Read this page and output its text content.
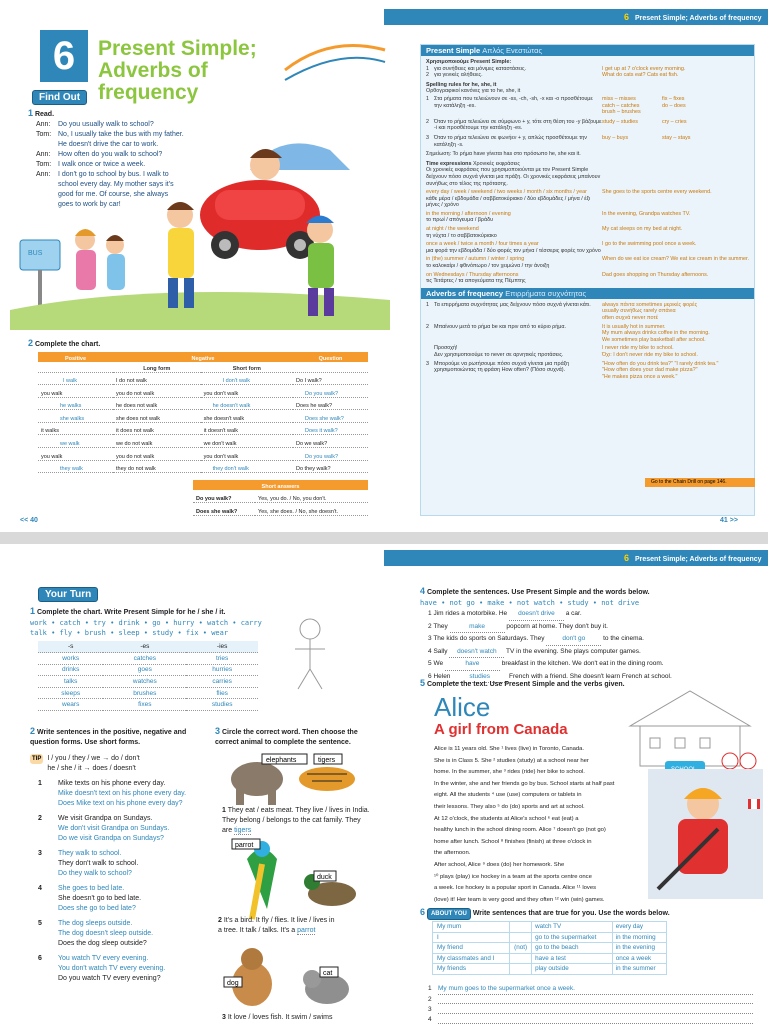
6 Present Simple; Adverbs of frequency
6	Present Simple;
Adverbs of frequency
Find Out
1 Read.
Ann:	Do you usually walk to school?
Tom: No, I usually take the bus with my father. He doesn't drive the car to work.
Ann:	How often do you walk to school?
Tom: I walk once or twice a week.
Ann:	I don't go to school by bus. I walk to school every day. My mother says it's good for me. Of course, she always goes to work by car!
BUS
2 Complete the chart.
Positive	Negative		Question
	Long form	Short form	
I walk	I do not walk	I don't walk	Do I walk?
you walk	you do not walk	you don't walk	Do you walk?
he walks	he does not walk	he doesn't walk	Does he walk?
she walks	she does not walk	she doesn't walk	Does she walk?
it walks	it does not walk	it doesn't walk	Does it walk?
we walk	we do not walk	we don't walk	Do we walk?
you walk	you do not walk	you don't walk	Do you walk?
they walk	they do not walk	they don't walk	Do they walk?
Short answers	
Do you walk?	Yes, you do. / No, you don't.
Does she walk?	Yes, she does. / No, she doesn't.
<< 40
Present Simple Απλός Ενεστώτας
Χρησιμοποιούμε Present Simple:
1 για συνήθειες και μόνιμες καταστάσεις.	I get up at 7 o'clock every morning.
2 για γενικές αλήθειες.	What do cats eat? Cats eat fish.
Spelling rules for he, she, it
Ορθογραφικοί κανόνες για το he, she, it
1 Στα ρήματα που τελειώνουν σε -ss, -ch, -sh, -x και -o προσθέτουμε την κατάληξη -es.
miss – misses
catch – catches
brush – brushes
fix – fixes
do – does
2 Όταν το ρήμα τελειώνει σε σύμφωνο + y, τότε στη θέση του -y βάζουμε -i και προσθέτουμε την κατάληξη -es.
study – studies	cry – cries
3 Όταν το ρήμα τελειώνει σε φωνήεν + y, απλώς προσθέτουμε την κατάληξη -s.
buy – buys	stay – stays
Σημείωση: Το ρήμα have γίνεται has στο πρόσωπο he, she και it.
Time expressions Χρονικές εκφράσεις
Οι χρονικές εκφράσεις που χρησιμοποιούνται με τον Present Simple δείχνουν πόσο συχνά γίνεται μια πράξη. Οι χρονικές εκφράσεις μπαίνουν συνήθως στο τέλος της πρότασης.
every day / week / weekend / two weeks / month / six months / year
κάθε μέρα / εβδομάδα / σαββατοκύριακο / δύο εβδομάδες / μήνα / έξι μήνες / χρόνο
She goes to the sports centre every weekend.
in the morning / afternoon / evening
το πρωί / απόγευμα / βράδυ
In the evening, Grandpa watches TV.
at night / the weekend
τη νύχτα / το σαββατοκύριακο
My cat sleeps on my bed at night.
once a week / twice a month / four times a year
μια φορά την εβδομάδα / δύο φορές τον μήνα / τέσσερις φορές τον χρόνο
I go to the swimming pool once a week.
in (the) summer / autumn / winter / spring
το καλοκαίρι / φθινόπωρο / τον χειμώνα / την άνοιξη
When do we eat ice cream? We eat ice cream in the summer.
on Wednesdays / Thursday afternoons
τις Τετάρτες / τα απογεύματα της Πέμπτης
Dad goes shopping on Thursday afternoons.
Adverbs of frequency Επιρρήματα συχνότητας
1 Τα επιρρήματα συχνότητας μας δείχνουν πόσο συχνά γίνεται κάτι.	always πάντα sometimes μερικές φορές
usually συνήθως rarely σπάνια
often συχνά never ποτέ
2 Μπαίνουν μετά το ρήμα be και πριν από το κύριο ρήμα.	It is usually hot in summer.
My mum always drinks coffee in the morning.
We sometimes play basketball after school.
Προσοχή!
Δεν χρησιμοποιούμε το never σε αρνητικές προτάσεις.
I never ride my bike to school.
Όχι: I don't never ride my bike to school.
3 Μπορούμε να ρωτήσουμε πόσο συχνά γίνεται μια πράξη χρησιμοποιώντας τη φράση How often? (Πόσο συχνά).
"How often do you drink tea?" "I rarely drink tea."
"How often does your dad make pizza?"
"He makes pizza once a week."
Go to the Chain Drill on page 146.
41 >>
6 Present Simple; Adverbs of frequency
Your Turn
1 Complete the chart. Write Present Simple for he / she / it.
work • catch • try • drink • go • hurry • watch • carry
talk • fly • brush • sleep • study • fix • wear
-s	-es	-ies
works	catches	tries
drinks	goes	hurries
talks	watches	carries
sleeps	brushes	flies
wears	fixes	studies
2 Write sentences in the positive, negative and question forms. Use short forms.
TIP I / you / they / we → do / don't
he / she / it → does / doesn't
1	Mike texts on his phone every day.
Mike doesn't text on his phone every day.
Does Mike text on his phone every day?
2	We visit Grandpa on Sundays.
We don't visit Grandpa on Sundays.
Do we visit Grandpa on Sundays?
3	They walk to school.
They don't walk to school.
Do they walk to school?
4	She goes to bed late.
She doesn't go to bed late.
Does she go to bed late?
5	The dog sleeps outside.
The dog doesn't sleep outside.
Does the dog sleep outside?
6	You watch TV every evening.
You don't watch TV every evening.
Do you watch TV every evening?
3 Circle the correct word. Then choose the correct animal to complete the sentence.
elephants	tigers
parrot
duck
dog
cat
1 They eat / eats meat. They live / lives in India. They belong / belongs to the cat family. They are tigers
2 It's a bird. It fly / flies. It live / lives in a tree. It talk / talks. It's a parrot
3 It love / loves fish. It swim / swims
4 Complete the sentences. Use Present Simple and the words below.
have • not go • make • not watch • study • not drive
1 Jim rides a motorbike. He doesn't drive a car.
2 They	make	popcorn at home. They don't buy it.
3 The kids do sports on Saturdays. They	don't go	to the cinema.
4 Sally doesn't watch TV in the evening. She plays computer games.
5 We	have	breakfast in the kitchen. We don't eat in the dining room.
6 Helen	studies	French with a friend. She doesn't learn French at school.
5 Complete the text. Use Present Simple and the verbs given.
Alice
A girl from Canada
Alice is 11 years old. She ¹ lives (live) in Toronto, Canada.
She is in Class 5. She ² studies (study) at a school near her
home. In the summer, she ³ rides (ride) her bike to school.
In the winter, she and her friends go by bus. School starts at half past
eight. All the students ⁴ use (use) computers or tablets in
their lessons. They also ⁵ do (do) sports and art at school.
At 12 o'clock, the students at Alice's school ⁶ eat (eat) a
healthy lunch in the school dining room. Alice ⁷ doesn't go (not go)
home after lunch. School ⁸ finishes (finish) at three o'clock in
the afternoon.
After school, Alice ⁹ does (do) her homework. She
¹⁰ plays (play) ice hockey in a team at the sports centre once
a week. Ice hockey is a popular sport in Canada. Alice ¹¹ loves
(love) it! Her team is very good and they often ¹² win (win) games.
6 ABOUT YOU Write sentences that are true for you. Use the words below.
My mum		watch TV	every day
I		go to the supermarket	in the morning
My friend	(not)	go to the beach	in the evening
My classmates and I		have a test	once a week
My friends		play outside	in the summer
1 My mum goes to the supermarket once a week.
2
3
4
